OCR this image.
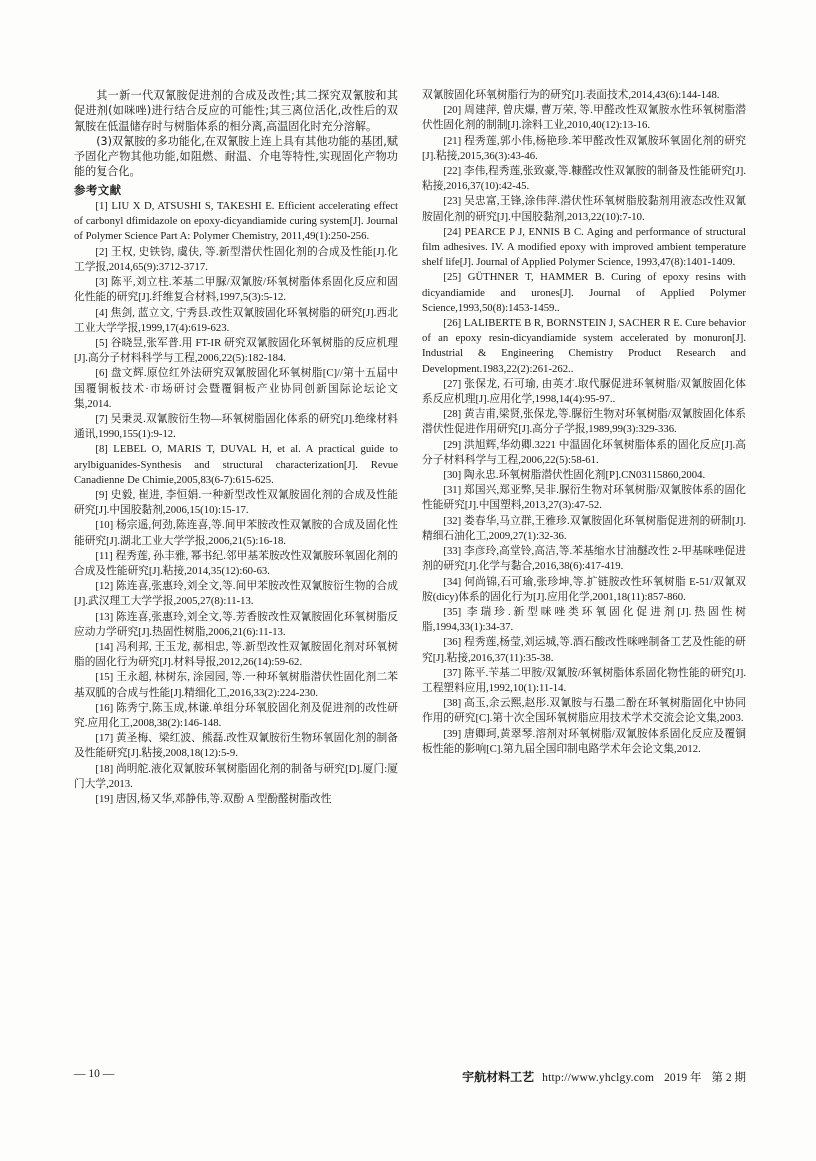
其一新一代双氰胺促进剂的合成及改性;其二探究双氰胺和其促进剂(如咪唑)进行结合反应的可能性;其三离位活化,改性后的双氰胺在低温储存时与树脂体系的相分离,高温固化时充分溶解。

(3)双氰胺的多功能化,在双氰胺上连上具有其他功能的基团,赋予固化产物其他功能,如阻燃、耐温、介电等特性,实现固化产物功能的复合化。

参考文献

[1] LIU X D, ATSUSHI S, TAKESHI E. Efficient accelerating effect of carbonyl dfimidazole on epoxy-dicyandiamide curing system[J]. Journal of Polymer Science Part A: Polymer Chemistry, 2011,49(1):250-256.

[2] 王权, 史铁钧, 虞伕, 等.新型潜伏性固化剂的合成及性能[J].化工学报,2014,65(9):3712-3717.

[3] 陈平,刘立柱.苯基二甲脲/双氰胺/环氧树脂体系固化反应和固化性能的研究[J].纤维复合材料,1997,5(3):5-12.

[4] 焦剑, 蓝立文, 宁秀县.改性双氰胺固化环氧树脂的研究[J].西北工业大学学报,1999,17(4):619-623.

[5] 谷晓昱,张军普.用 FT-IR 研究双氰胺固化环氧树脂的反应机理[J].高分子材料科学与工程,2006,22(5):182-184.

[6] 盘文辉.原位红外法研究双氰胺固化环氧树脂[C]//第十五届中国覆铜板技术·市场研讨会暨覆铜板产业协同创新国际论坛论文集,2014.

[7] 吴秉灵.双氰胺衍生物—环氧树脂固化体系的研究[J].绝缘材料通讯,1990,155(1):9-12.

[8] LEBEL O, MARIS T, DUVAL H, et al. A practical guide to arylbiguanides-Synthesis and structural characterization[J]. Revue Canadienne De Chimie,2005,83(6-7):615-625.

[9] 史毅, 崔进, 李恒娟.一种新型改性双氰胺固化剂的合成及性能研究[J].中国胶黏剂,2006,15(10):15-17.

[10] 杨宗遥,何劲,陈连喜,等.间甲苯胺改性双氰胺的合成及固化性能研究[J].湖北工业大学学报,2006,21(5):16-18.

[11] 程秀莲, 孙丰雅, 幂书纪.邻甲基苯胺改性双氰胺环氧固化剂的合成及性能研究[J].粘接,2014,35(12):60-63.

[12] 陈连喜,张惠玲,刘全文,等.间甲苯胺改性双氰胺衍生物的合成[J].武汉理工大学学报,2005,27(8):11-13.

[13] 陈连喜,张惠玲,刘全文,等.芳香胺改性双氰胺固化环氧树脂反应动力学研究[J].热固性树脂,2006,21(6):11-13.

[14] 冯利邦, 王玉龙, 郝相忠, 等.新型改性双氰胺固化剂对环氧树脂的固化行为研究[J].材料导报,2012,26(14):59-62.

[15] 王永超, 林树东, 涂园园, 等.一种环氧树脂潜伏性固化剂二苯基双胍的合成与性能[J].精细化工,2016,33(2):224-230.

[16] 陈秀宁,陈玉成,林谦.单组分环氧胶固化剂及促进剂的改性研究.应用化工,2008,38(2):146-148.

[17] 黄圣梅、梁红波、熊磊.改性双氰胺衍生物环氧固化剂的制备及性能研究[J].粘接,2008,18(12):5-9.

[18] 尚明舵.液化双氰胺环氧树脂固化剂的制备与研究[D].厦门:厦门大学,2013.

[19] 唐因,杨又华,邓静伟,等.双酚 A 型酚醛树脂改性

双氰胺固化环氧树脂行为的研究[J].表面技术,2014,43(6):144-148.

[20] 周建萍, 曾庆爆, 曹万荣, 等.甲醛改性双氰胺水性环氧树脂潜伏性固化剂的制制[J].涂料工业,2010,40(12):13-16.

[21] 程秀莲,郭小伟,杨艳珍.苯甲醛改性双氰胺环氧固化剂的研究[J].粘接,2015,36(3):43-46.

[22] 李伟,程秀莲,张致豪,等.糠醛改性双氰胺的制备及性能研究[J].粘接,2016,37(10):42-45.

[23] 吴忠富,王锋,涂伟萍.潜伏性环氧树脂胶黏剂用液态改性双氰胺固化剂的研究[J].中国胶黏剂,2013,22(10):7-10.

[24] PEARCE P J, ENNIS B C. Aging and performance of structural film adhesives. IV. A modified epoxy with improved ambient temperature shelf life[J]. Journal of Applied Polymer Science, 1993,47(8):1401-1409.

[25] GÜTHNER T, HAMMER B. Curing of epoxy resins with dicyandiamide and urones[J]. Journal of Applied Polymer Science,1993,50(8):1453-1459..

[26] LALIBERTE B R, BORNSTEIN J, SACHER R E. Cure behavior of an epoxy resin-dicyandiamide system accelerated by monuron[J]. Industrial & Engineering Chemistry Product Research and Development.1983,22(2):261-262..

[27] 张保龙, 石可瑜, 由英才.取代脲促进环氧树脂/双氰胺固化体系反应机理[J].应用化学,1998,14(4):95-97..

[28] 黄吉甫,梁贤,张保龙,等.脲衍生物对环氧树脂/双氰胺固化体系潜伏性促进作用研究[J].高分子学报,1989,99(3):329-336.

[29] 洪旭辉,华幼卿.3221 中温固化环氧树脂体系的固化反应[J].高分子材料科学与工程,2006,22(5):58-61.

[30] 陶永忠.环氧树脂潜伏性固化剂[P].CN03115860,2004.

[31] 郑国兴,郑亚弊,吴非.脲衍生物对环氧树脂/双氰胺体系的固化性能研究[J].中国塑料,2013,27(3):47-52.

[32] 娄春华,马立群,王雅珍.双氰胺固化环氧树脂促进剂的研制[J].精细石油化工,2009,27(1):32-36.

[33] 李彦玲,高堂铃,高洁,等.苯基缩水甘油醚改性 2-甲基咪唑促进剂的研究[J].化学与黏合,2016,38(6):417-419.

[34] 何尚锦,石可瑜,张珍坤,等.扩链胺改性环氧树脂 E-51/双氰双胺(dicy)体系的固化行为[J].应用化学,2001,18(11):857-860.

[35] 李瑞珍.新型咪唑类环氧固化促进剂[J].热固性树脂,1994,33(1):34-37.

[36] 程秀莲,杨莹,刘运城,等.酒石酸改性咪唑制备工艺及性能的研究[J].粘接,2016,37(11):35-38.

[37] 陈平.苄基二甲胺/双氰胺/环氧树脂体系固化物性能的研究[J].工程塑料应用,1992,10(1):11-14.

[38] 高玉,余云熙,赵彤.双氰胺与石墨二酚在环氧树脂固化中协同作用的研究[C].第十次全国环氧树脂应用技术学术交流会论文集,2003.

[39] 唐卿珂,黄翠琴.溶剂对环氧树脂/双氰胺体系固化反应及覆铜板性能的影响[C].第九届全国印制电路学术年会论文集,2012.

— 10 —	宇航材料工艺 http://www.yhclgy.com 2019 年 第 2 期
